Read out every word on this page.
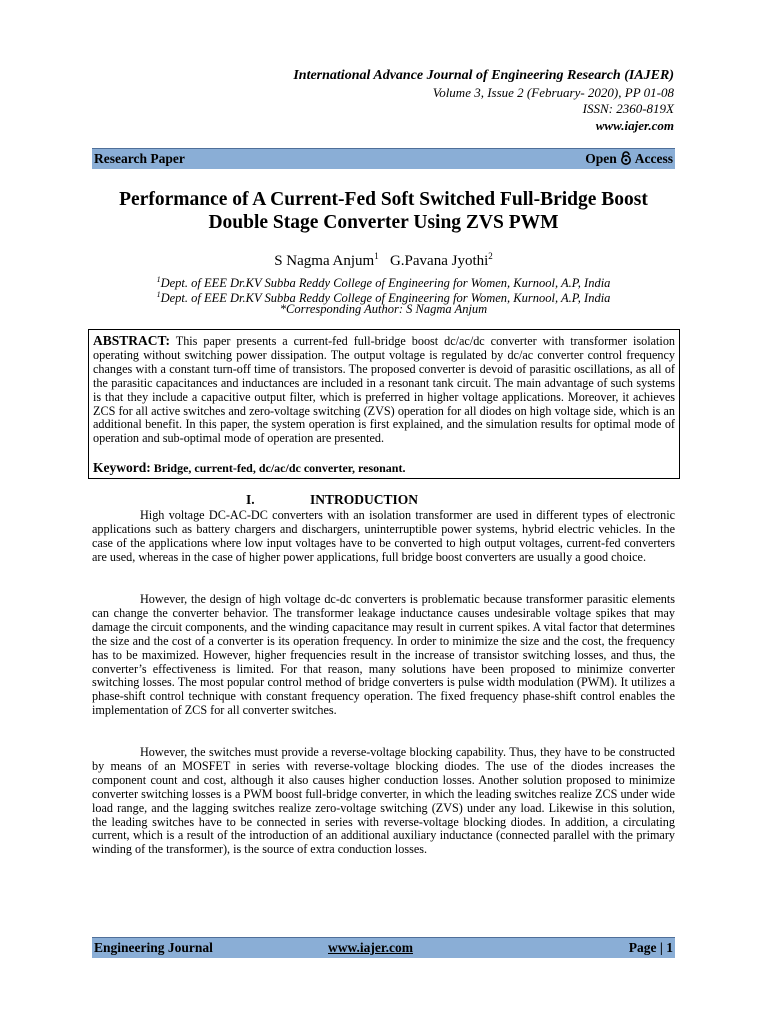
International Advance Journal of Engineering Research (IAJER)
Volume 3, Issue 2 (February- 2020), PP 01-08
ISSN: 2360-819X
www.iajer.com
Research Paper	Open Access
Performance of A Current-Fed Soft Switched Full-Bridge Boost
Double Stage Converter Using ZVS PWM
S Nagma Anjum$^1$ G.Pavana Jyothi$^2$
$^1$Dept. of EEE Dr.KV Subba Reddy College of Engineering for Women, Kurnool, A.P, India
$^1$Dept. of EEE Dr.KV Subba Reddy College of Engineering for Women, Kurnool, A.P, India
*Corresponding Author: S Nagma Anjum
ABSTRACT: This paper presents a current-fed full-bridge boost dc/ac/dc converter with transformer isolation operating without switching power dissipation. The output voltage is regulated by dc/ac converter control frequency changes with a constant turn-off time of transistors. The proposed converter is devoid of parasitic oscillations, as all of the parasitic capacitances and inductances are included in a resonant tank circuit. The main advantage of such systems is that they include a capacitive output filter, which is preferred in higher voltage applications. Moreover, it achieves ZCS for all active switches and zero-voltage switching (ZVS) operation for all diodes on high voltage side, which is an additional benefit. In this paper, the system operation is first explained, and the simulation results for optimal mode of operation and sub-optimal mode of operation are presented.
Keyword: Bridge, current-fed, dc/ac/dc converter, resonant.
I.	INTRODUCTION
High voltage DC-AC-DC converters with an isolation transformer are used in different types of electronic applications such as battery chargers and dischargers, uninterruptible power systems, hybrid electric vehicles. In the case of the applications where low input voltages have to be converted to high output voltages, current-fed converters are used, whereas in the case of higher power applications, full bridge boost converters are usually a good choice.
However, the design of high voltage dc-dc converters is problematic because transformer parasitic elements can change the converter behavior. The transformer leakage inductance causes undesirable voltage spikes that may damage the circuit components, and the winding capacitance may result in current spikes. A vital factor that determines the size and the cost of a converter is its operation frequency. In order to minimize the size and the cost, the frequency has to be maximized. However, higher frequencies result in the increase of transistor switching losses, and thus, the converter’s effectiveness is limited. For that reason, many solutions have been proposed to minimize converter switching losses. The most popular control method of bridge converters is pulse width modulation (PWM). It utilizes a phase-shift control technique with constant frequency operation. The fixed frequency phase-shift control enables the implementation of ZCS for all converter switches.
However, the switches must provide a reverse-voltage blocking capability. Thus, they have to be constructed by means of an MOSFET in series with reverse-voltage blocking diodes. The use of the diodes increases the component count and cost, although it also causes higher conduction losses. Another solution proposed to minimize converter switching losses is a PWM boost full-bridge converter, in which the leading switches realize ZCS under wide load range, and the lagging switches realize zero-voltage switching (ZVS) under any load. Likewise in this solution, the leading switches have to be connected in series with reverse-voltage blocking diodes. In addition, a circulating current, which is a result of the introduction of an additional auxiliary inductance (connected parallel with the primary winding of the transformer), is the source of extra conduction losses.
Engineering Journal	www.iajer.com	Page | 1
